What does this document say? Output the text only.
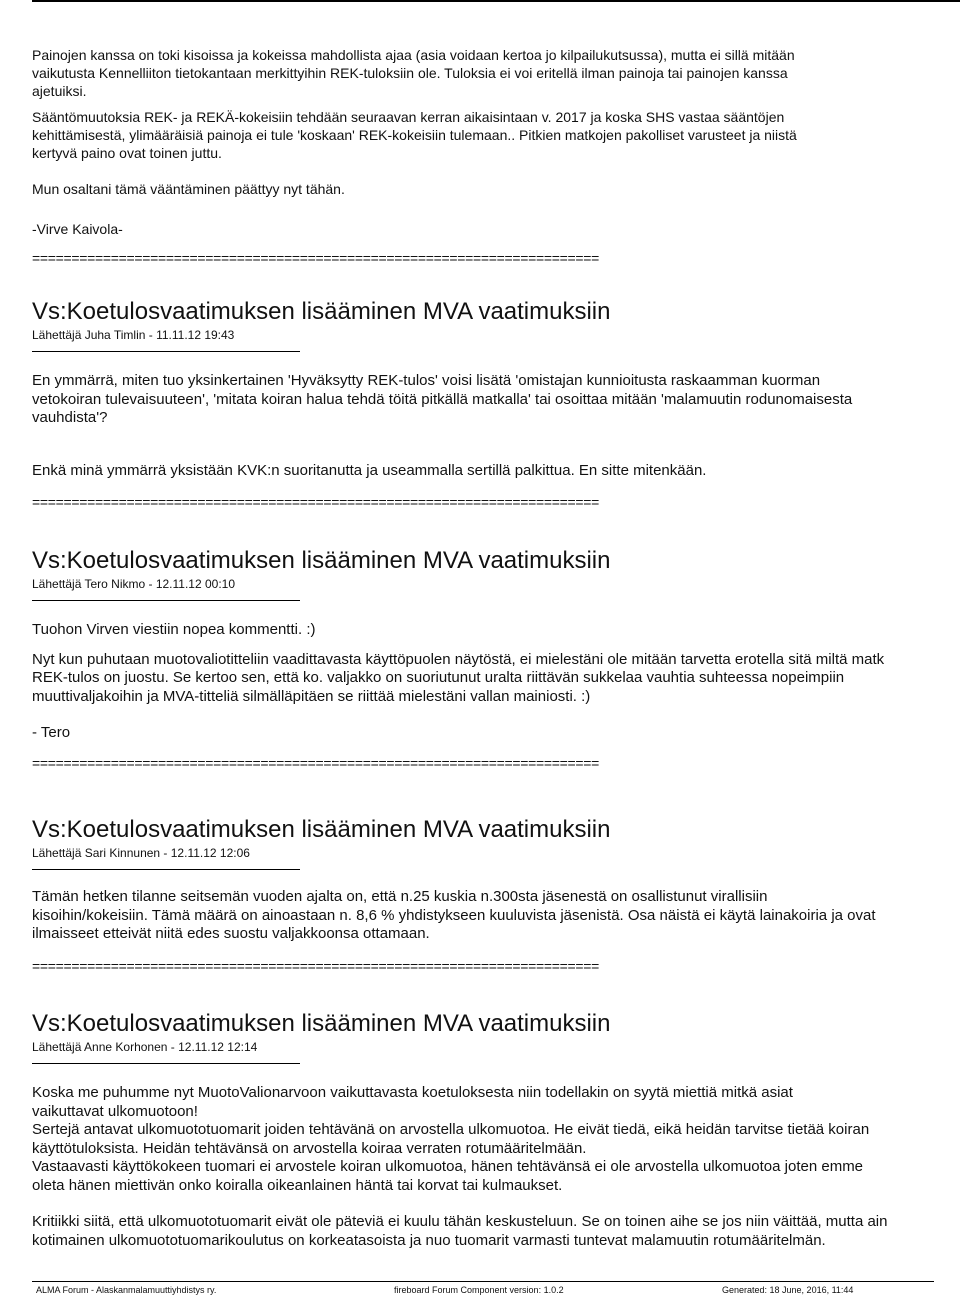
Painojen kanssa on toki kisoissa ja kokeissa mahdollista ajaa (asia voidaan kertoa jo kilpailukutsussa), mutta ei sillä mitään
vaikutusta Kennelliiton tietokantaan merkittyihin REK-tuloksiin ole. Tuloksia ei voi eritellä ilman painoja tai painojen kanssa
ajetuiksi.

Sääntömuutoksia REK- ja REKÄ-kokeisiin tehdään seuraavan kerran aikaisintaan v. 2017 ja koska SHS vastaa sääntöjen
kehittämisestä, ylimääräisiä painoja ei tule 'koskaan' REK-kokeisiin tulemaan.. Pitkien matkojen pakolliset varusteet ja niistä
kertyvä paino ovat toinen juttu.

Mun osaltani tämä vääntäminen päättyy nyt tähän.

-Virve Kaivola-

========================================================================
Vs:Koetulosvaatimuksen lisääminen MVA vaatimuksiin
Lähettäjä Juha Timlin - 11.11.12 19:43

En ymmärrä, miten tuo yksinkertainen 'Hyväksytty REK-tulos' voisi lisätä 'omistajan kunnioitusta raskaamman kuorman

vetokoiran tulevaisuuteen', 'mitata koiran halua tehdä töitä pitkällä matkalla' tai osoittaa mitään 'malamuutin rodunomaisesta

vauhdista'?

Enkä minä ymmärrä yksistään KVK:n suoritanutta ja useammalla sertillä palkittua. En sitte mitenkään.

========================================================================
Vs:Koetulosvaatimuksen lisääminen MVA vaatimuksiin
Lähettäjä Tero Nikmo - 12.11.12 00:10

Tuohon Virven viestiin nopea kommentti. :)

Nyt kun puhutaan muotovaliotitteliin vaadittavasta käyttöpuolen näytöstä, ei mielestäni ole mitään tarvetta erotella sitä miltä matk

REK-tulos on juostu. Se kertoo sen, että ko. valjakko on suoriutunut uralta riittävän sukkelaa vauhtia suhteessa nopeimpiin

muuttivaljakoihin ja MVA-titteliä silmälläpitäen se riittää mielestäni vallan mainiosti. :)

- Tero

========================================================================
Vs:Koetulosvaatimuksen lisääminen MVA vaatimuksiin
Lähettäjä Sari Kinnunen - 12.11.12 12:06

Tämän hetken tilanne seitsemän vuoden ajalta on, että n.25 kuskia n.300sta jäsenestä on osallistunut virallisiin

kisoihin/kokeisiin. Tämä määrä on ainoastaan n. 8,6 % yhdistykseen kuuluvista jäsenistä. Osa näistä ei käytä lainakoiria ja ovat

ilmaisseet etteivät niitä edes suostu valjakkoonsa ottamaan.

========================================================================
Vs:Koetulosvaatimuksen lisääminen MVA vaatimuksiin
Lähettäjä Anne Korhonen - 12.11.12 12:14

Koska me puhumme nyt MuotoValionarvoon vaikuttavasta koetuloksesta niin todellakin on syytä miettiä mitkä asiat

vaikuttavat ulkomuotoon!

Sertejä antavat ulkomuototuomarit joiden tehtävänä on arvostella ulkomuotoa. He eivät tiedä, eikä heidän tarvitse tietää koiran

käyttötuloksista. Heidän tehtävänsä on arvostella koiraa verraten rotumääritelmään.

Vastaavasti käyttökokeen tuomari ei arvostele koiran ulkomuotoa, hänen tehtävänsä ei ole arvostella ulkomuotoa joten emme

oleta hänen miettivän onko koiralla oikeanlainen häntä tai korvat tai kulmaukset.

Kritiikki siitä, että ulkomuototuomarit eivät ole päteviä ei kuulu tähän keskusteluun. Se on toinen aihe se jos niin väittää, mutta ain

kotimainen ulkomuototuomarikoulutus on korkeatasoista ja nuo tuomarit varmasti tuntevat malamuutin rotumääritelmän.

ALMA Forum - Alaskanmalamuuttiyhdistys ry.	fireboard Forum Component version: 1.0.2	Generated: 18 June, 2016, 11:44
